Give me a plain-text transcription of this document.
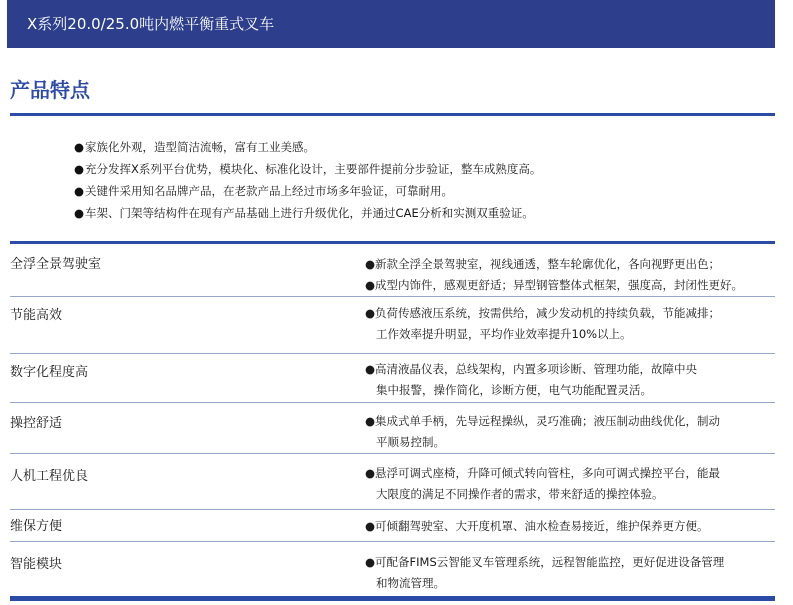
X系列20.0/25.0吨内燃平衡重式叉车
产品特点
●家族化外观，造型简洁流畅，富有工业美感。
●充分发挥X系列平台优势，模块化、标准化设计，主要部件提前分步验证，整车成熟度高。
●关键件采用知名品牌产品，在老款产品上经过市场多年验证，可靠耐用。
●车架、门架等结构件在现有产品基础上进行升级优化，并通过CAE分析和实测双重验证。
全浮全景驾驶室	●新款全浮全景驾驶室，视线通透，整车轮廓优化，各向视野更出色；
●成型内饰件，感观更舒适；异型钢管整体式框架，强度高，封闭性更好。
节能高效	●负荷传感液压系统，按需供给，减少发动机的持续负载，节能减排；
工作效率提升明显，平均作业效率提升10%以上。
数字化程度高	●高清液晶仪表，总线架构，内置多项诊断、管理功能，故障中央
集中报警，操作简化，诊断方便，电气功能配置灵活。
操控舒适	●集成式单手柄，先导远程操纵，灵巧准确；液压制动曲线优化，制动
平顺易控制。
人机工程优良	●悬浮可调式座椅，升降可倾式转向管柱，多向可调式操控平台，能最
大限度的满足不同操作者的需求，带来舒适的操控体验。
维保方便	●可倾翻驾驶室、大开度机罩、油水检查易接近，维护保养更方便。
智能模块	●可配备FIMS云智能叉车管理系统，远程智能监控，更好促进设备管理
和物流管理。
